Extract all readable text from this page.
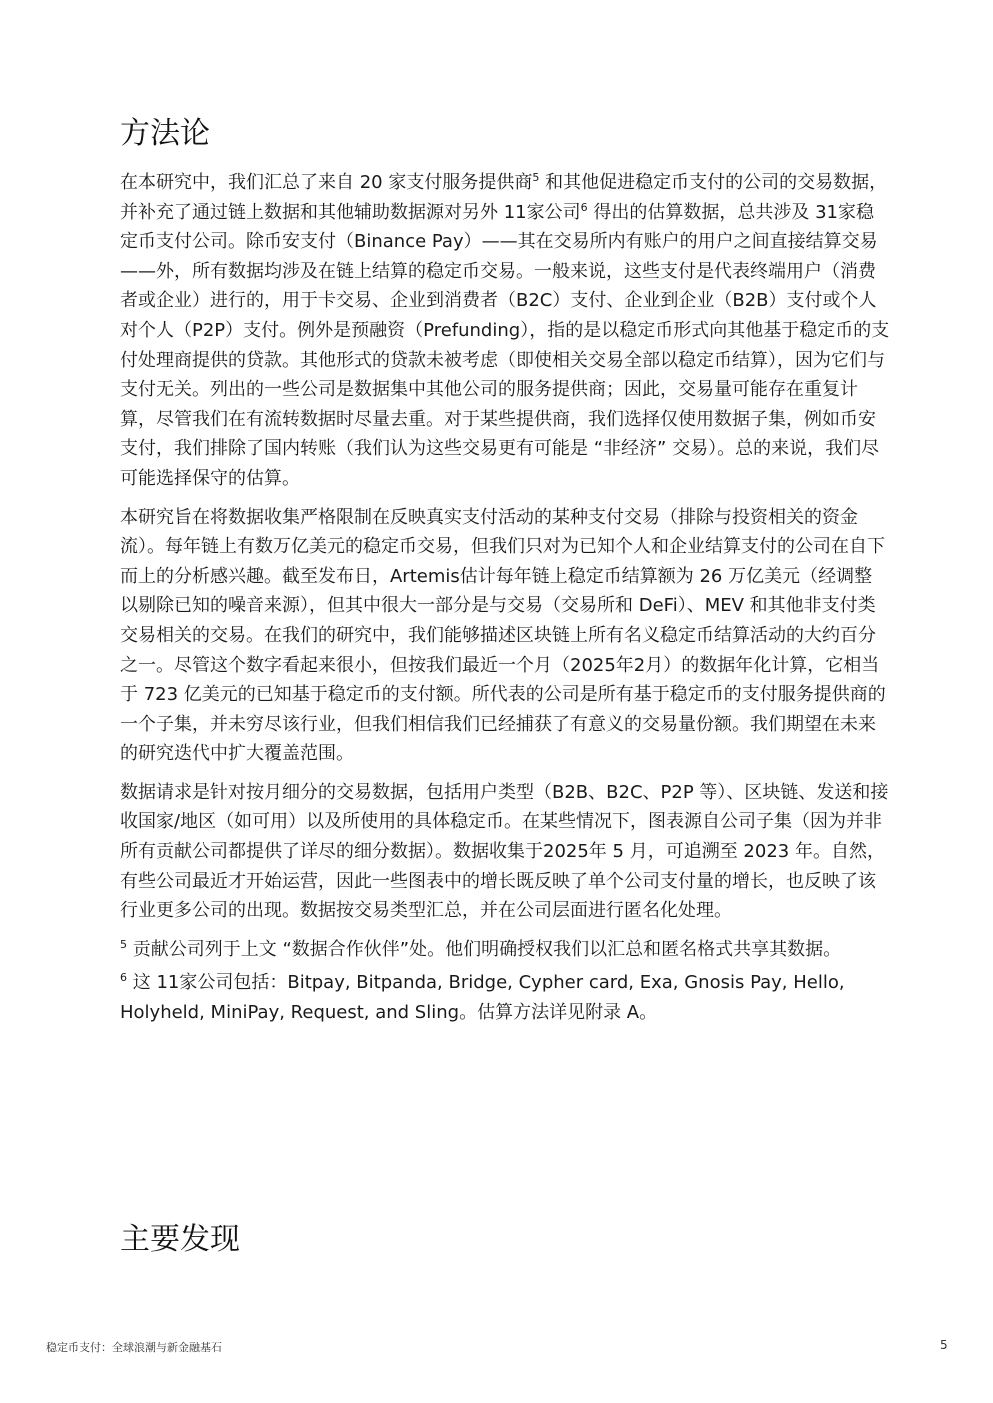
方法论

在本研究中，我们汇总了来自 20 家支付服务提供商$^5$ 和其他促进稳定币支付的公司的交易数据，并补充了通过链上数据和其他辅助数据源对另外 11家公司$^6$ 得出的估算数据，总共涉及 31家稳定币支付公司。除币安支付（Binance Pay）——其在交易所内有账户的用户之间直接结算交易——外，所有数据均涉及在链上结算的稳定币交易。一般来说，这些支付是代表终端用户（消费者或企业）进行的，用于卡交易、企业到消费者（B2C）支付、企业到企业（B2B）支付或个人对个人（P2P）支付。例外是预融资（Prefunding），指的是以稳定币形式向其他基于稳定币的支付处理商提供的贷款。其他形式的贷款未被考虑（即使相关交易全部以稳定币结算），因为它们与支付无关。列出的一些公司是数据集中其他公司的服务提供商；因此，交易量可能存在重复计算，尽管我们在有流转数据时尽量去重。对于某些提供商，我们选择仅使用数据子集，例如币安支付，我们排除了国内转账（我们认为这些交易更有可能是 “非经济” 交易）。总的来说，我们尽可能选择保守的估算。

本研究旨在将数据收集严格限制在反映真实支付活动的某种支付交易（排除与投资相关的资金流）。每年链上有数万亿美元的稳定币交易，但我们只对为已知个人和企业结算支付的公司在自下而上的分析感兴趣。截至发布日，Artemis估计每年链上稳定币结算额为 26 万亿美元（经调整以剔除已知的噪音来源），但其中很大一部分是与交易（交易所和 DeFi）、MEV 和其他非支付类交易相关的交易。在我们的研究中，我们能够描述区块链上所有名义稳定币结算活动的大约百分之一。尽管这个数字看起来很小，但按我们最近一个月（2025年2月）的数据年化计算，它相当于 723 亿美元的已知基于稳定币的支付额。所代表的公司是所有基于稳定币的支付服务提供商的一个子集，并未穷尽该行业，但我们相信我们已经捕获了有意义的交易量份额。我们期望在未来的研究迭代中扩大覆盖范围。

数据请求是针对按月细分的交易数据，包括用户类型（B2B、B2C、P2P 等）、区块链、发送和接收国家/地区（如可用）以及所使用的具体稳定币。在某些情况下，图表源自公司子集（因为并非所有贡献公司都提供了详尽的细分数据）。数据收集于2025年 5 月，可追溯至 2023 年。自然，有些公司最近才开始运营，因此一些图表中的增长既反映了单个公司支付量的增长，也反映了该行业更多公司的出现。数据按交易类型汇总，并在公司层面进行匿名化处理。

$^5$ 贡献公司列于上文 “数据合作伙伴”处。他们明确授权我们以汇总和匿名格式共享其数据。

$^6$ 这 11家公司包括：Bitpay, Bitpanda, Bridge, Cypher card, Exa, Gnosis Pay, Hello, Holyheld, MiniPay, Request, and Sling。估算方法详见附录 A。

主要发现
稳定币支付：全球浪潮与新金融基石	5
